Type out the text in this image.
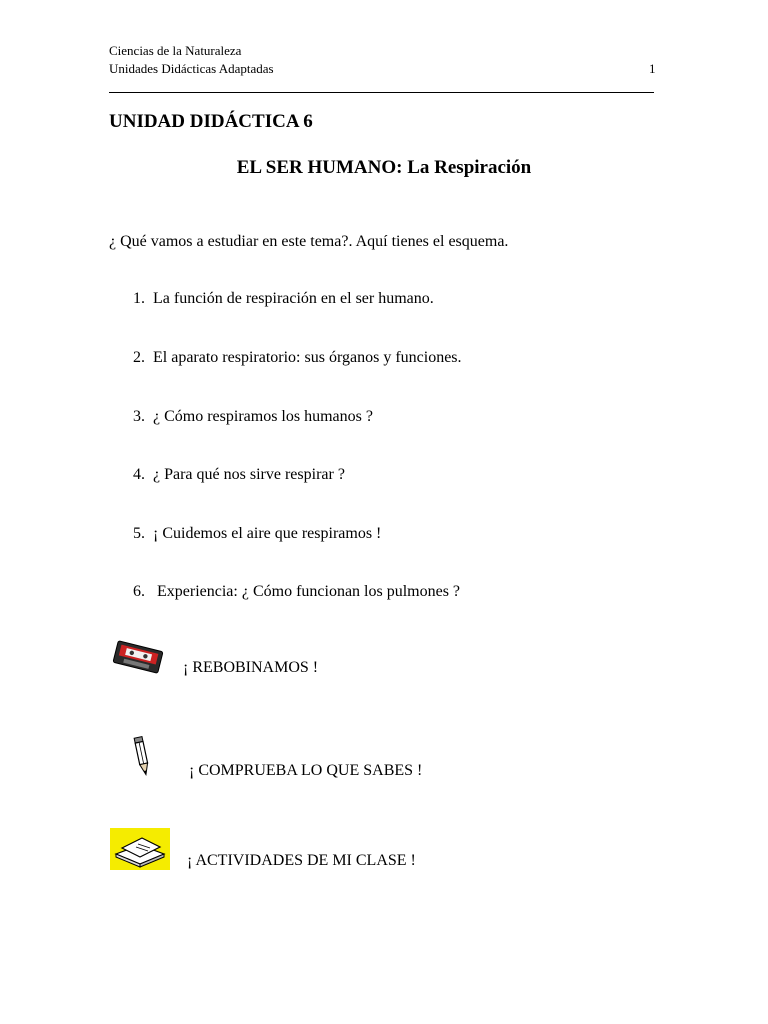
Ciencias de la Naturaleza
Unidades Didácticas Adaptadas	1
UNIDAD DIDÁCTICA 6
EL SER HUMANO: La Respiración
¿ Qué vamos a estudiar en este tema?. Aquí tienes el esquema.
1. La función de respiración en el ser humano.
2. El aparato respiratorio: sus órganos y funciones.
3. ¿ Cómo respiramos los humanos ?
4. ¿ Para qué nos sirve respirar ?
5. ¡ Cuidemos el aire que respiramos !
6. Experiencia: ¿ Cómo funcionan los pulmones ?
¡ REBOBINAMOS !
¡ COMPRUEBA LO QUE SABES !
¡ ACTIVIDADES DE MI CLASE !
